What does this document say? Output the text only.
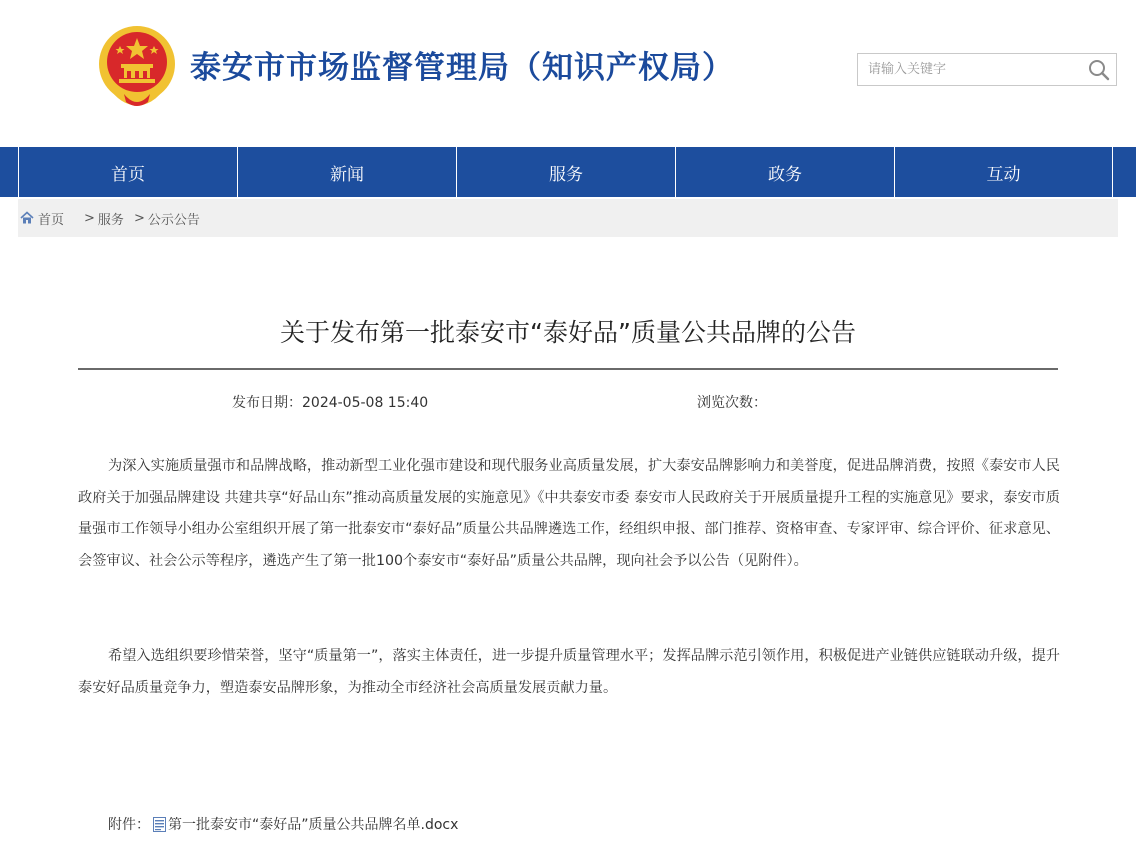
泰安市市场监督管理局（知识产权局）
请输入关键字
首页	新闻	服务	政务	互动
首页 > 服务 > 公示公告
关于发布第一批泰安市“泰好品”质量公共品牌的公告
发布日期：2024-05-08 15:40	浏览次数：

为深入实施质量强市和品牌战略，推动新型工业化强市建设和现代服务业高质量发展，扩大泰安品牌影响力和美誉度，促进品牌消费，按照《泰安市人民政府关于加强品牌建设 共建共享“好品山东”推动高质量发展的实施意见》《中共泰安市委 泰安市人民政府关于开展质量提升工程的实施意见》要求，泰安市质量强市工作领导小组办公室组织开展了第一批泰安市“泰好品”质量公共品牌遴选工作，经组织申报、部门推荐、资格审查、专家评审、综合评价、征求意见、会签审议、社会公示等程序，遴选产生了第一批100个泰安市“泰好品”质量公共品牌，现向社会予以公告（见附件）。

希望入选组织要珍惜荣誉，坚守“质量第一”，落实主体责任，进一步提升质量管理水平；发挥品牌示范引领作用，积极促进产业链供应链联动升级，提升泰安好品质量竞争力，塑造泰安品牌形象，为推动全市经济社会高质量发展贡献力量。

附件： 第一批泰安市“泰好品”质量公共品牌名单.docx
